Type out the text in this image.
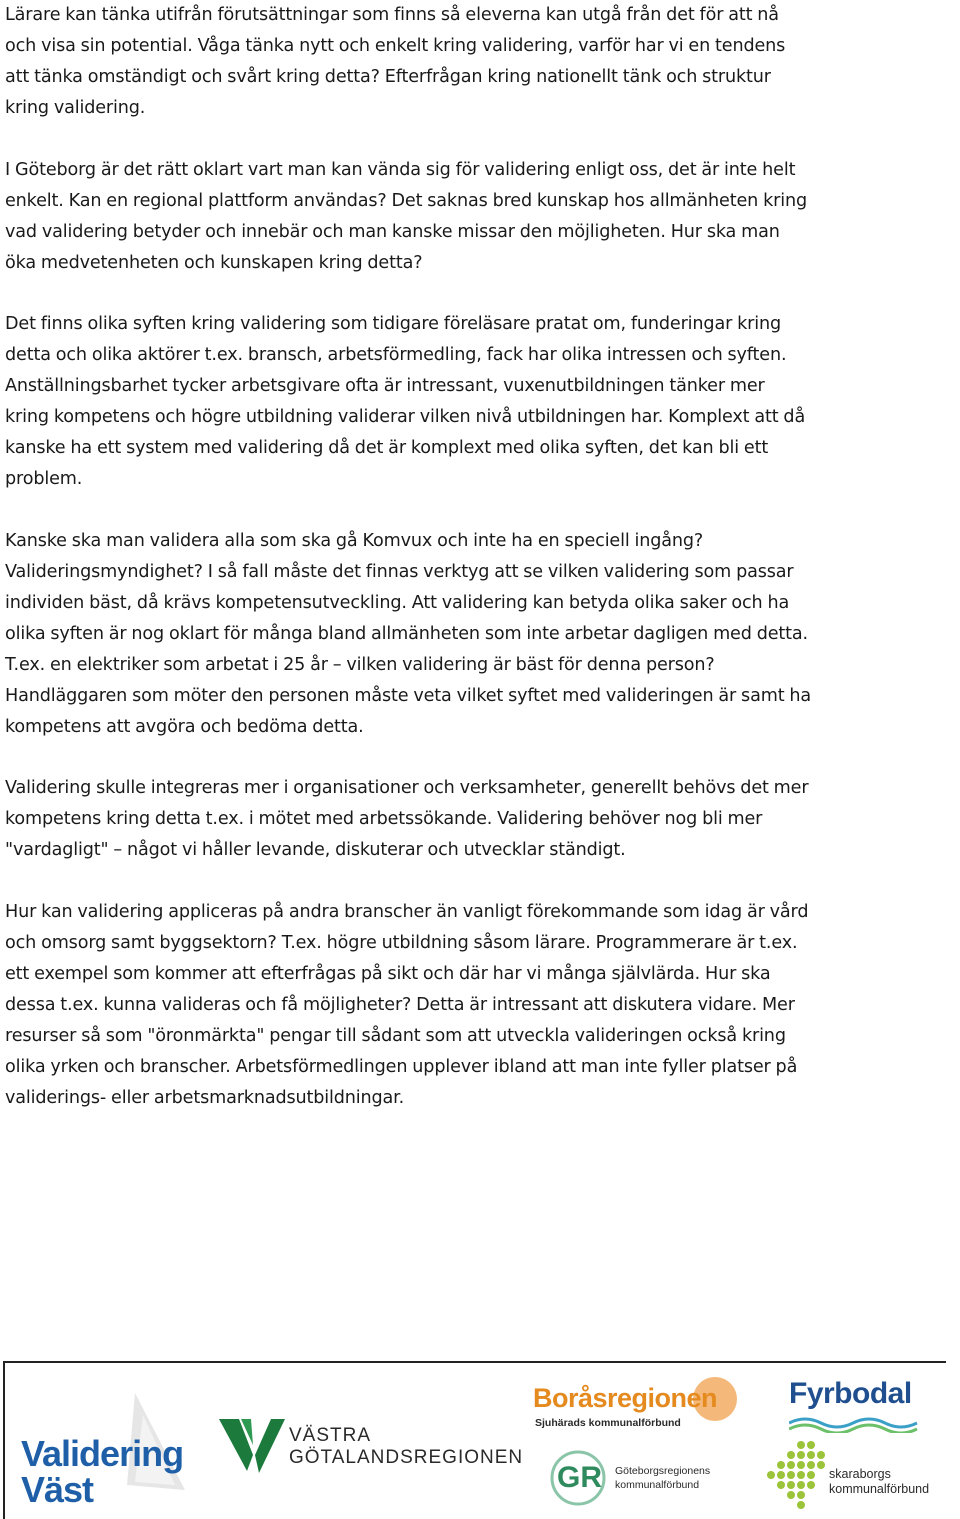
Lärare kan tänka utifrån förutsättningar som finns så eleverna kan utgå från det för att nå
och visa sin potential. Våga tänka nytt och enkelt kring validering, varför har vi en tendens
att tänka omständigt och svårt kring detta? Efterfrågan kring nationellt tänk och struktur
kring validering.
I Göteborg är det rätt oklart vart man kan vända sig för validering enligt oss, det är inte helt
enkelt. Kan en regional plattform användas? Det saknas bred kunskap hos allmänheten kring
vad validering betyder och innebär och man kanske missar den möjligheten. Hur ska man
öka medvetenheten och kunskapen kring detta?
Det finns olika syften kring validering som tidigare föreläsare pratat om, funderingar kring
detta och olika aktörer t.ex. bransch, arbetsförmedling, fack har olika intressen och syften.
Anställningsbarhet tycker arbetsgivare ofta är intressant, vuxenutbildningen tänker mer
kring kompetens och högre utbildning validerar vilken nivå utbildningen har. Komplext att då
kanske ha ett system med validering då det är komplext med olika syften, det kan bli ett
problem.
Kanske ska man validera alla som ska gå Komvux och inte ha en speciell ingång?
Valideringsmyndighet? I så fall måste det finnas verktyg att se vilken validering som passar
individen bäst, då krävs kompetensutveckling. Att validering kan betyda olika saker och ha
olika syften är nog oklart för många bland allmänheten som inte arbetar dagligen med detta.
T.ex. en elektriker som arbetat i 25 år – vilken validering är bäst för denna person?
Handläggaren som möter den personen måste veta vilket syftet med valideringen är samt ha
kompetens att avgöra och bedöma detta.
Validering skulle integreras mer i organisationer och verksamheter, generellt behövs det mer
kompetens kring detta t.ex. i mötet med arbetssökande. Validering behöver nog bli mer
"vardagligt" – något vi håller levande, diskuterar och utvecklar ständigt.
Hur kan validering appliceras på andra branscher än vanligt förekommande som idag är vård
och omsorg samt byggsektorn? T.ex. högre utbildning såsom lärare. Programmerare är t.ex.
ett exempel som kommer att efterfrågas på sikt och där har vi många självlärda. Hur ska
dessa t.ex. kunna valideras och få möjligheter? Detta är intressant att diskutera vidare. Mer
resurser så som "öronmärkta" pengar till sådant som att utveckla valideringen också kring
olika yrken och branscher. Arbetsförmedlingen upplever ibland att man inte fyller platser på
validerings- eller arbetsmarknadsutbildningar.
Validering
Väst
VÄSTRA
GÖTALANDSREGIONEN
Boråsregionen
Sjuhärads kommunalförbund
GR Göteborgsregionens
kommunalförbund
Fyrbodal
skaraborgs
kommunalförbund
